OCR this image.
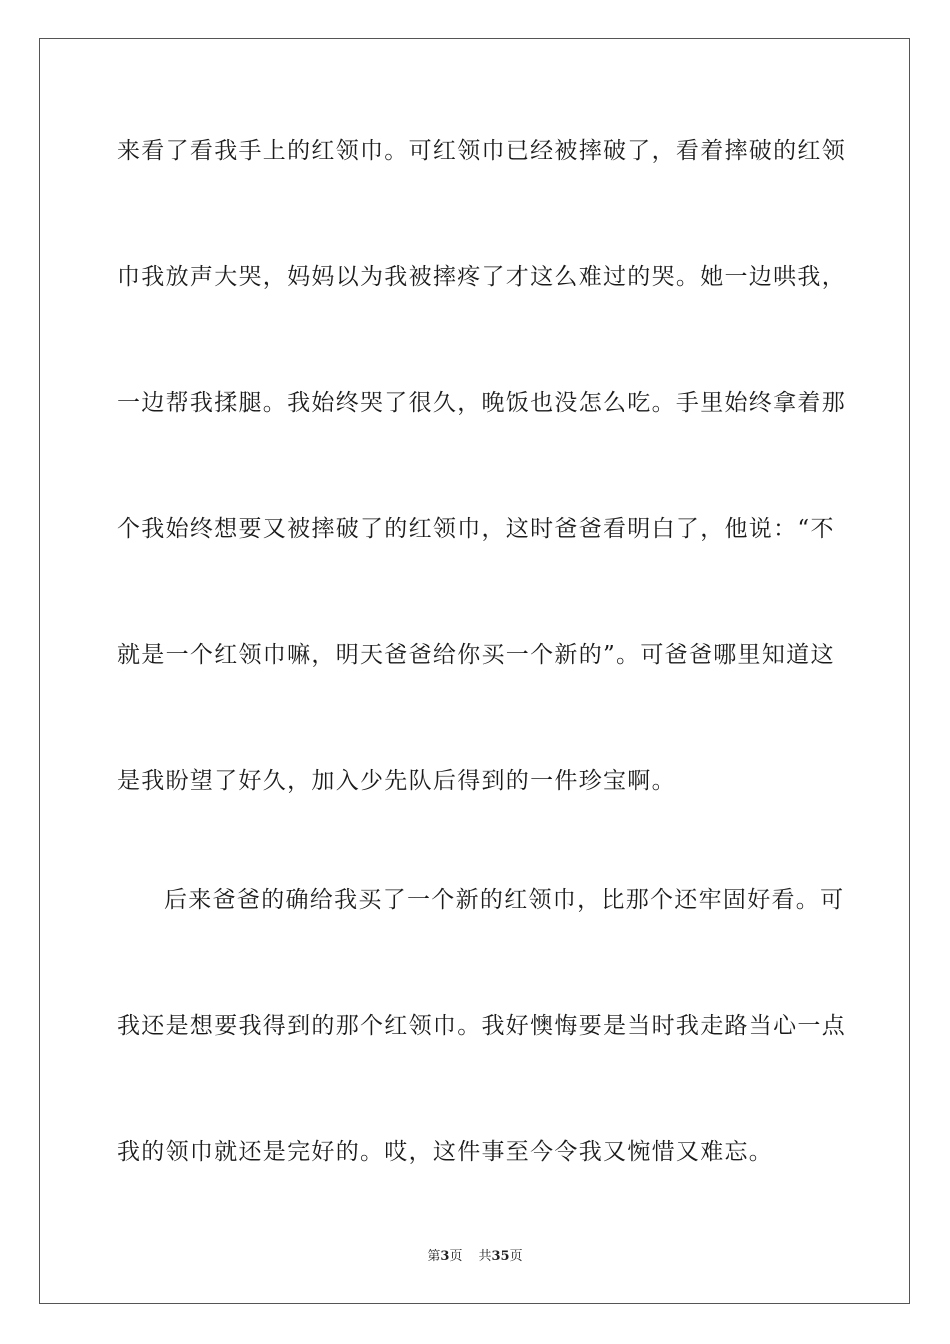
来看了看我手上的红领巾。可红领巾已经被摔破了，看着摔破的红领
巾我放声大哭，妈妈以为我被摔疼了才这么难过的哭。她一边哄我，
一边帮我揉腿。我始终哭了很久，晚饭也没怎么吃。手里始终拿着那
个我始终想要又被摔破了的红领巾，这时爸爸看明白了，他说：“不
就是一个红领巾嘛，明天爸爸给你买一个新的”。可爸爸哪里知道这
是我盼望了好久，加入少先队后得到的一件珍宝啊。
后来爸爸的确给我买了一个新的红领巾，比那个还牢固好看。可
我还是想要我得到的那个红领巾。我好懊悔要是当时我走路当心一点
我的领巾就还是完好的。哎，这件事至今令我又惋惜又难忘。
第3页 共35页
